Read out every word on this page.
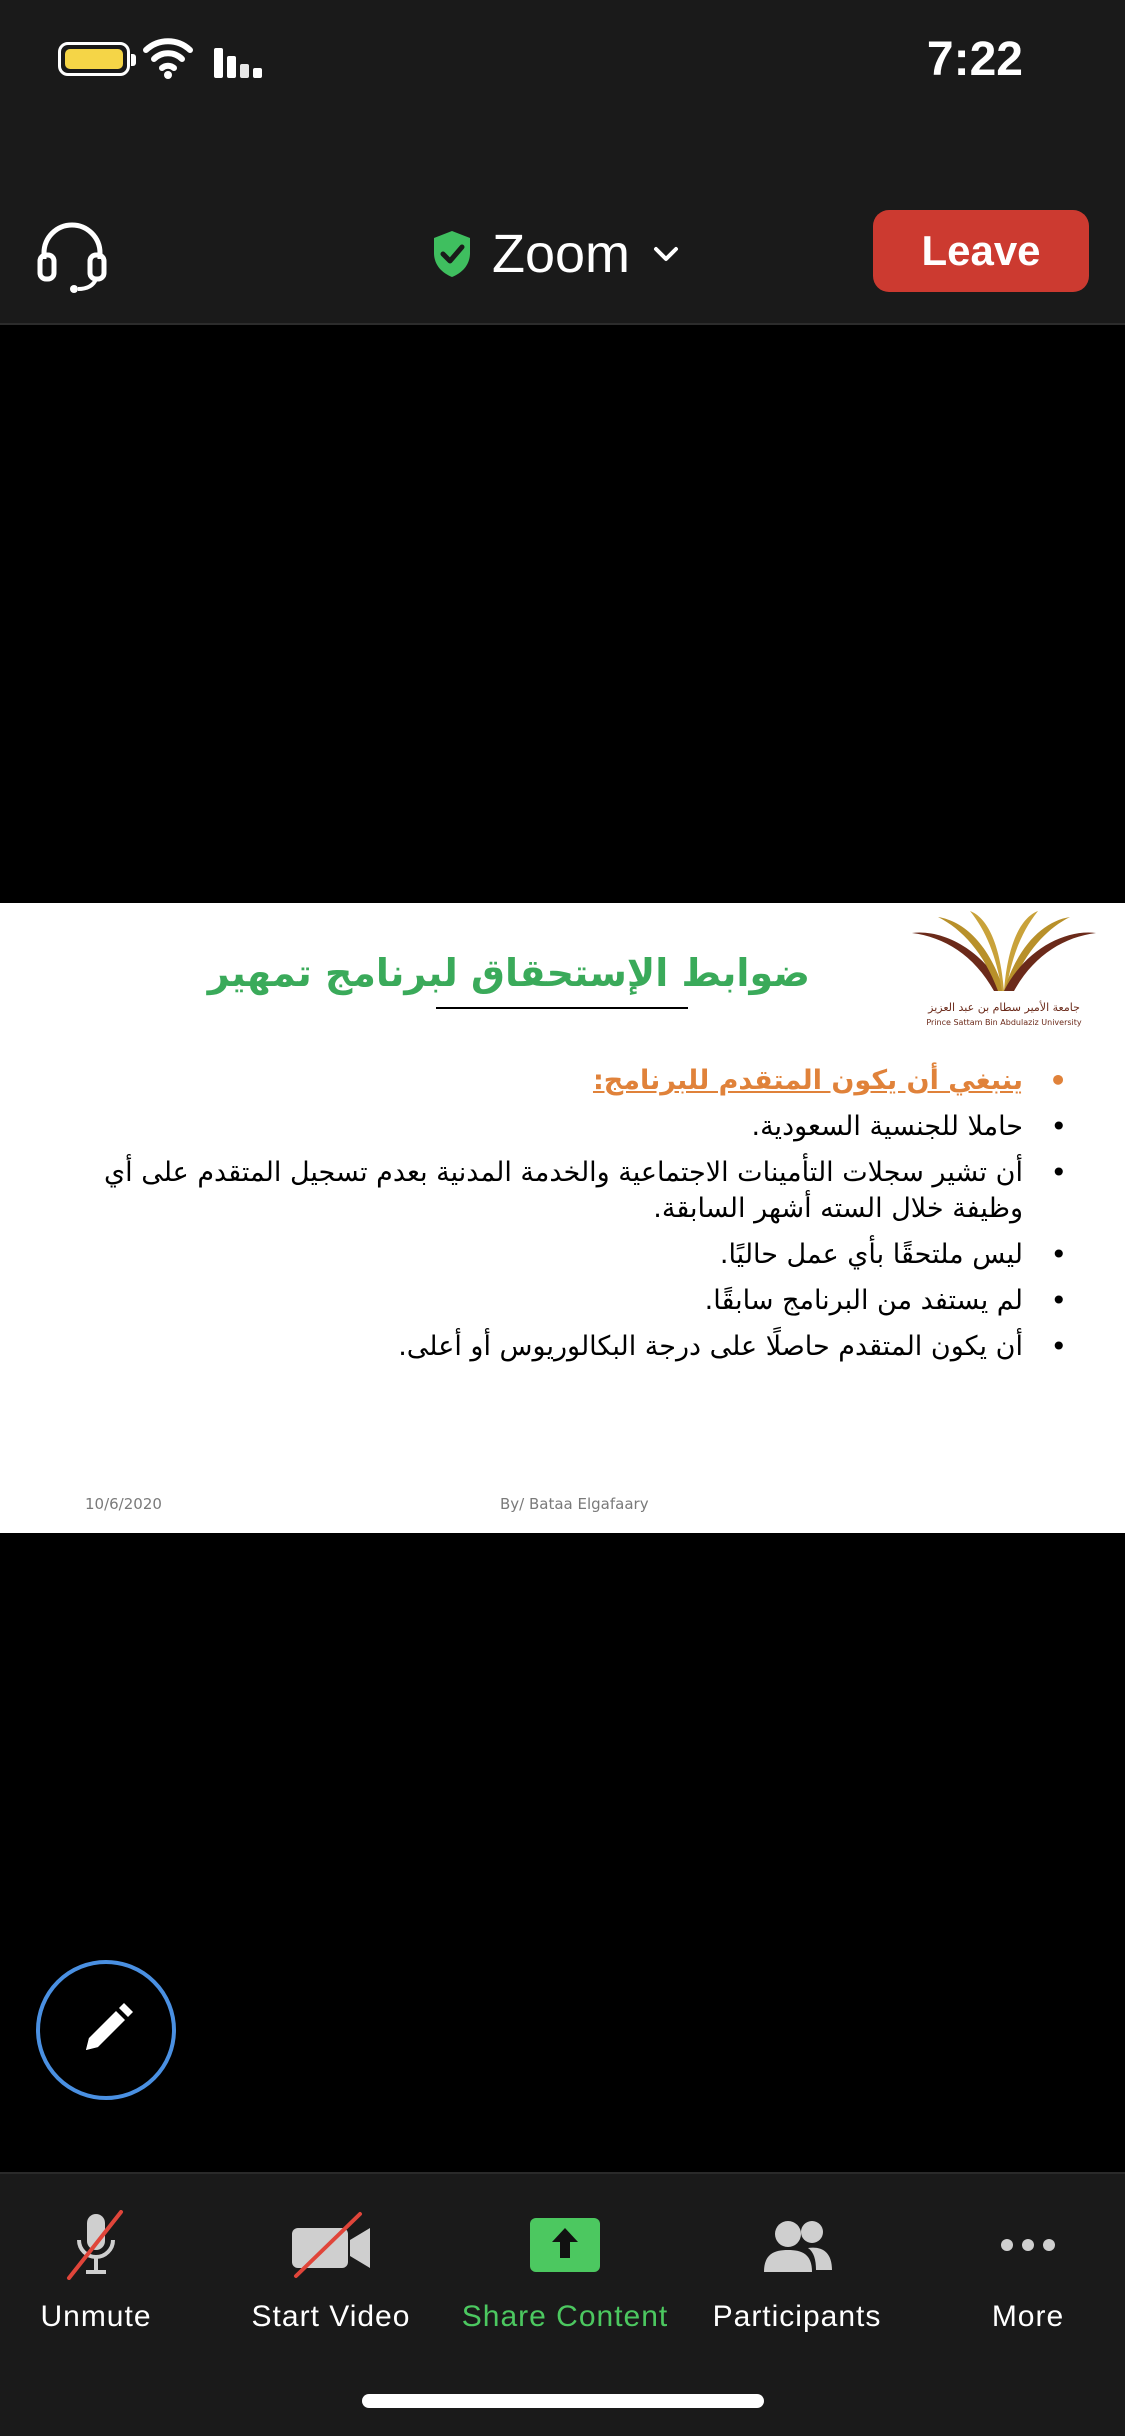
7:22
Zoom	Leave
جامعة الأمير سطام بن عبد العزيز
Prince Sattam Bin Abdulaziz University
ضوابط الإستحقاق لبرنامج تمهير
• ينبغي أن يكون المتقدم للبرنامج:
• حاملا للجنسية السعودية.
• أن تشير سجلات التأمينات الاجتماعية والخدمة المدنية بعدم تسجيل المتقدم على أي وظيفة خلال السته أشهر السابقة.
• ليس ملتحقًا بأي عمل حاليًا.
• لم يستفد من البرنامج سابقًا.
• أن يكون المتقدم حاصلًا على درجة البكالوريوس أو أعلى.
10/6/2020	By/ Bataa Elgafaary
Unmute	Start Video Share Content Participants	More
